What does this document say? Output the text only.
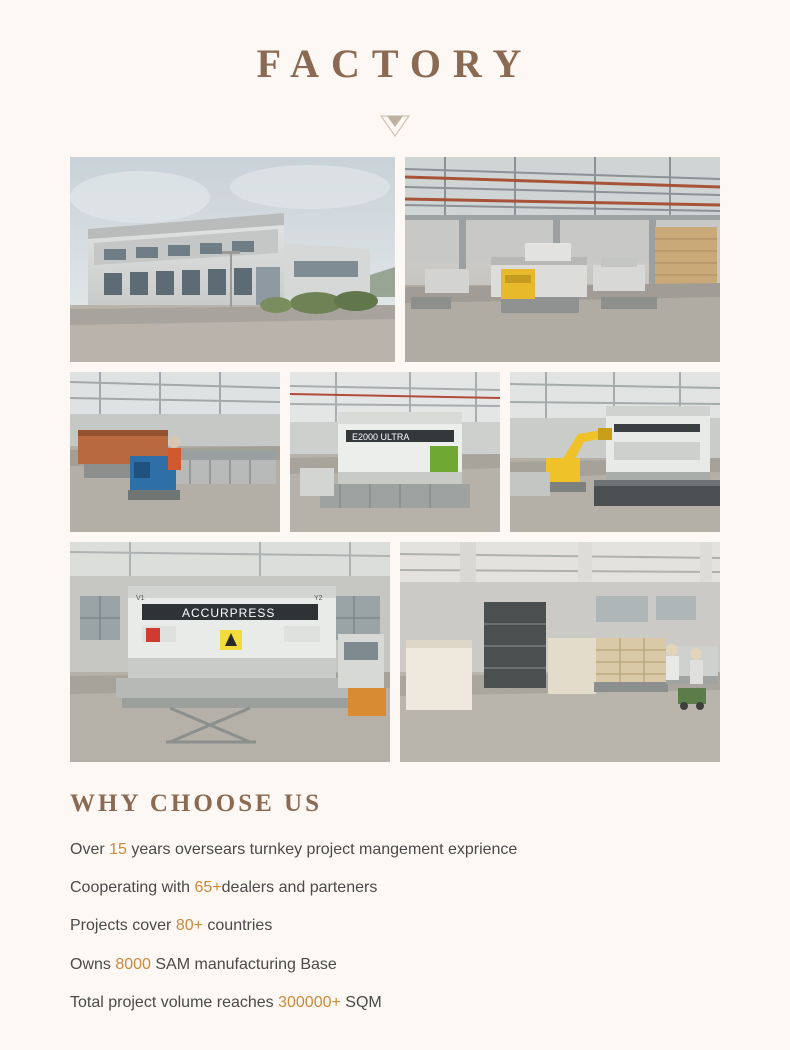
FACTORY
E2000 ULTRA
ACCURPRESS
V1	Y2
WHY CHOOSE US
Over 15 years oversears turnkey project mangement exprience
Cooperating with 65+dealers and parteners
Projects cover 80+ countries
Owns 8000 SAM manufacturing Base
Total project volume reaches 300000+ SQM
